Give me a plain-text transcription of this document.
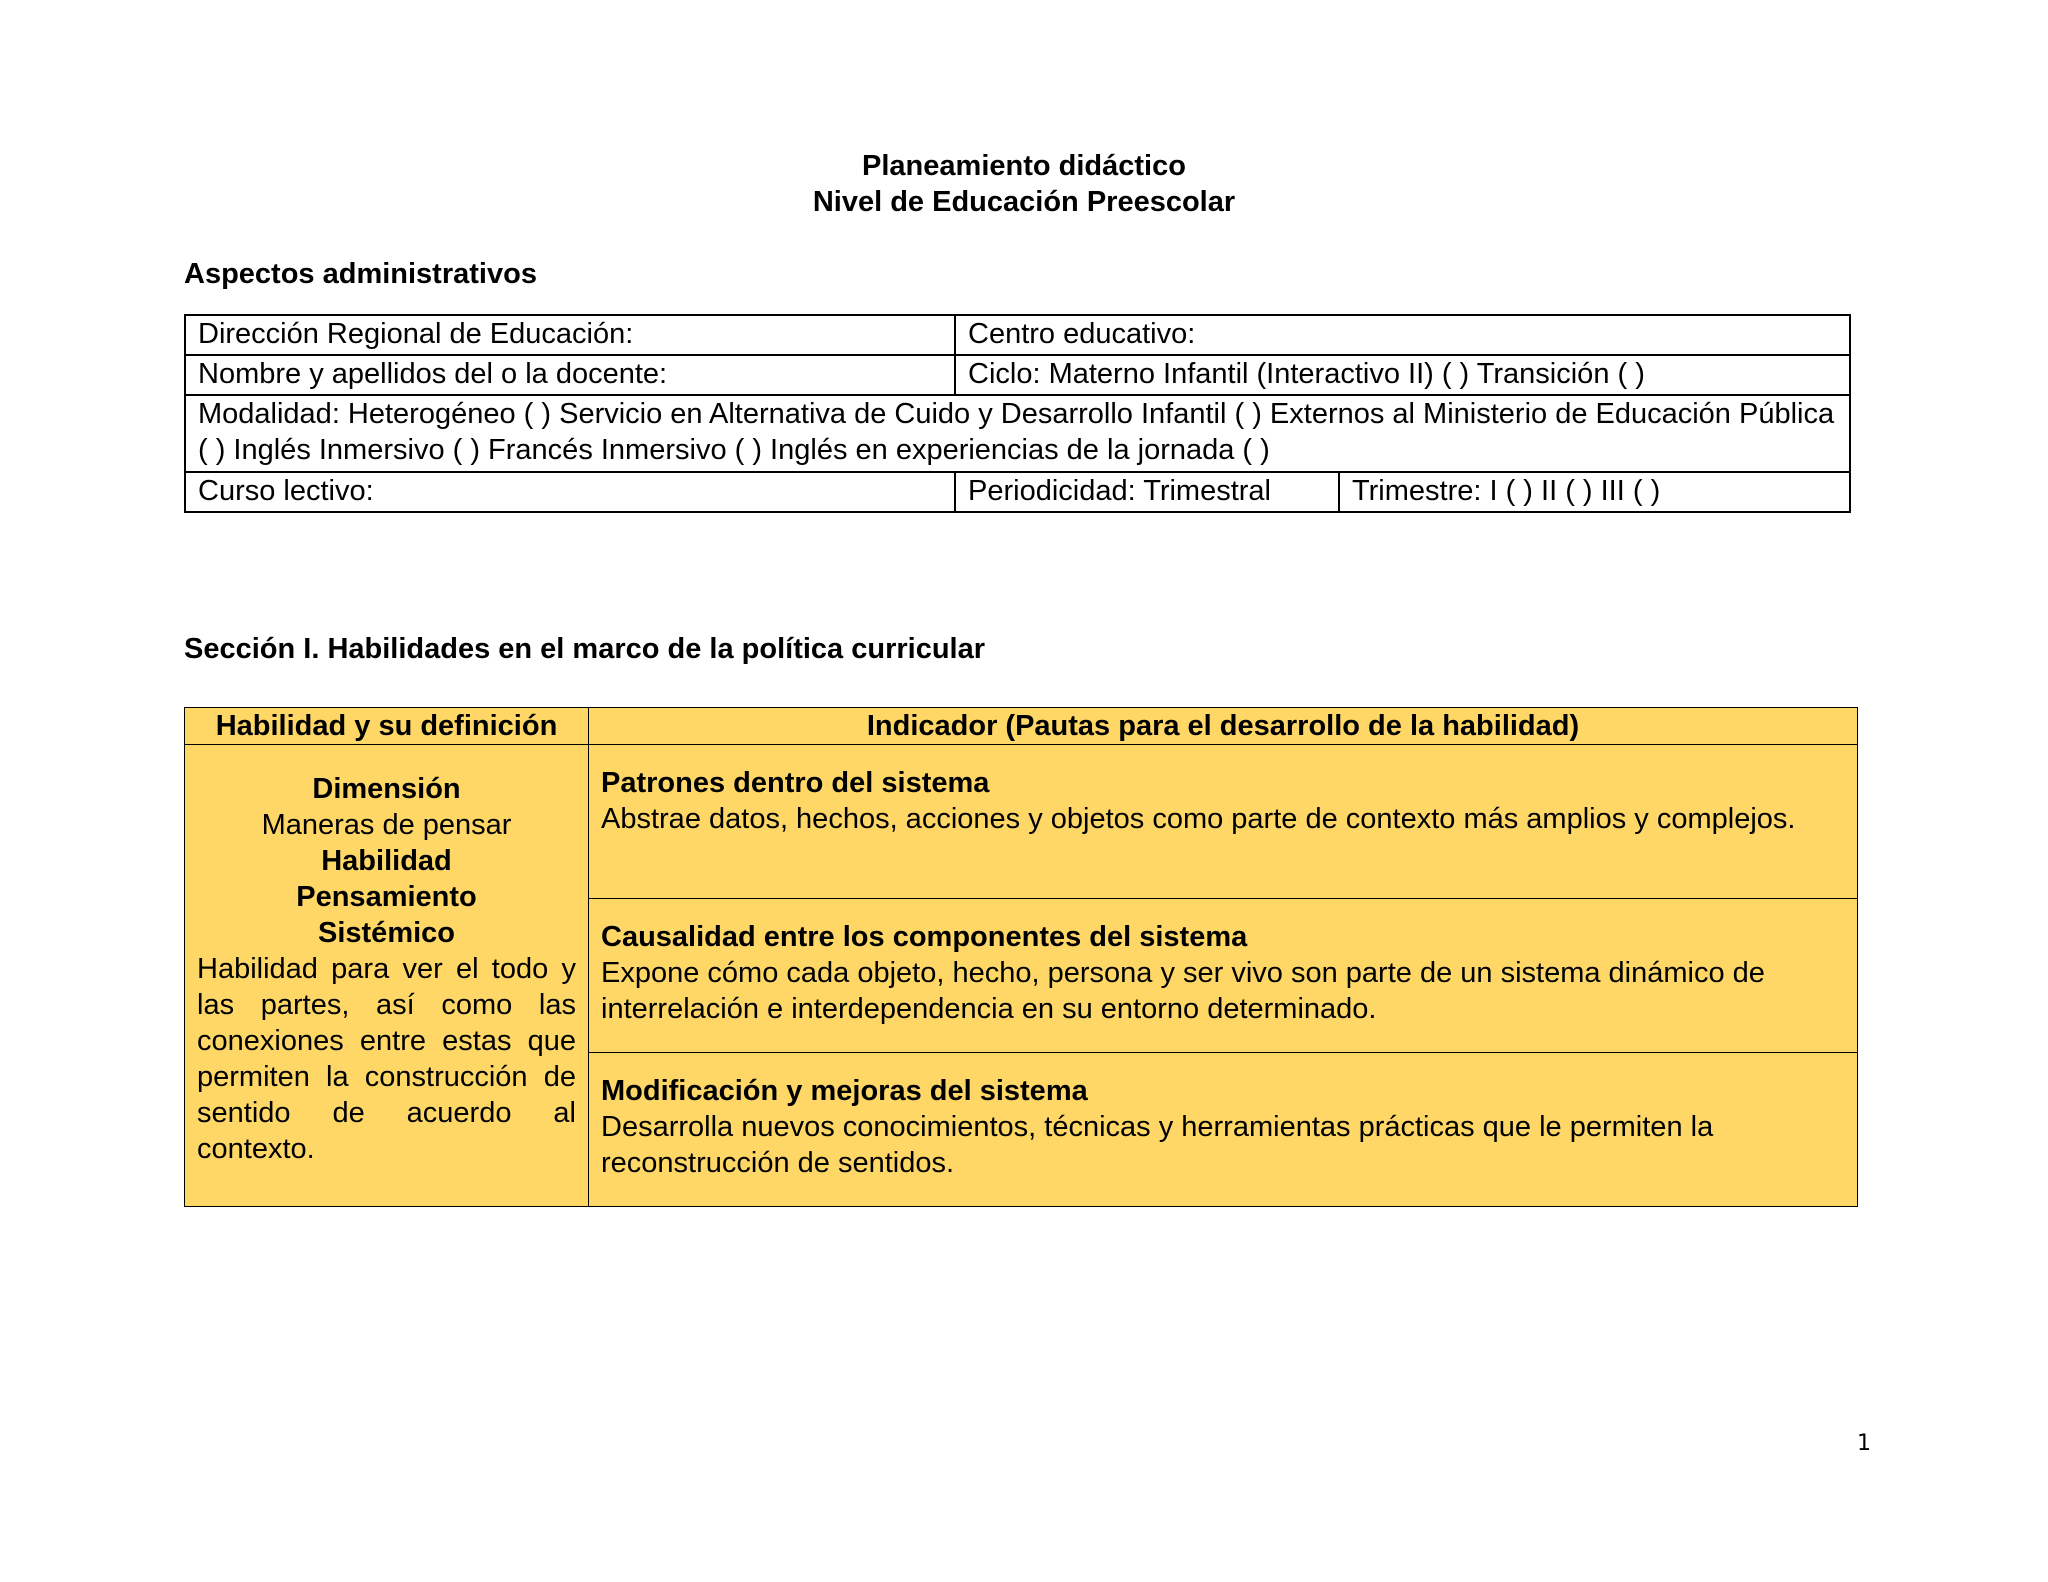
Planeamiento didáctico
Nivel de Educación Preescolar
Aspectos administrativos
Dirección Regional de Educación:	Centro educativo:	
Nombre y apellidos del o la docente:	Ciclo: Materno Infantil (Interactivo II) ( ) Transición ( )	
Modalidad: Heterogéneo ( ) Servicio en Alternativa de Cuido y Desarrollo Infantil ( ) Externos al Ministerio de Educación Pública ( ) Inglés Inmersivo ( ) Francés Inmersivo ( ) Inglés en experiencias de la jornada ( )		
Curso lectivo:	Periodicidad: Trimestral	Trimestre: I ( ) II ( ) III ( )
Sección I. Habilidades en el marco de la política curricular
Habilidad y su definición	Indicador (Pautas para el desarrollo de la habilidad)

Dimensión
Maneras de pensar
Habilidad
Pensamiento Sistémico
Habilidad para ver el todo y las partes, así como las conexiones entre estas que permiten la construcción de sentido de acuerdo al contexto.	Patrones dentro del sistema
Abstrae datos, hechos, acciones y objetos como parte de contexto más amplios y complejos.

	Causalidad entre los componentes del sistema
Expone cómo cada objeto, hecho, persona y ser vivo son parte de un sistema dinámico de interrelación e interdependencia en su entorno determinado.

	Modificación y mejoras del sistema
Desarrolla nuevos conocimientos, técnicas y herramientas prácticas que le permiten la reconstrucción de sentidos.
1
